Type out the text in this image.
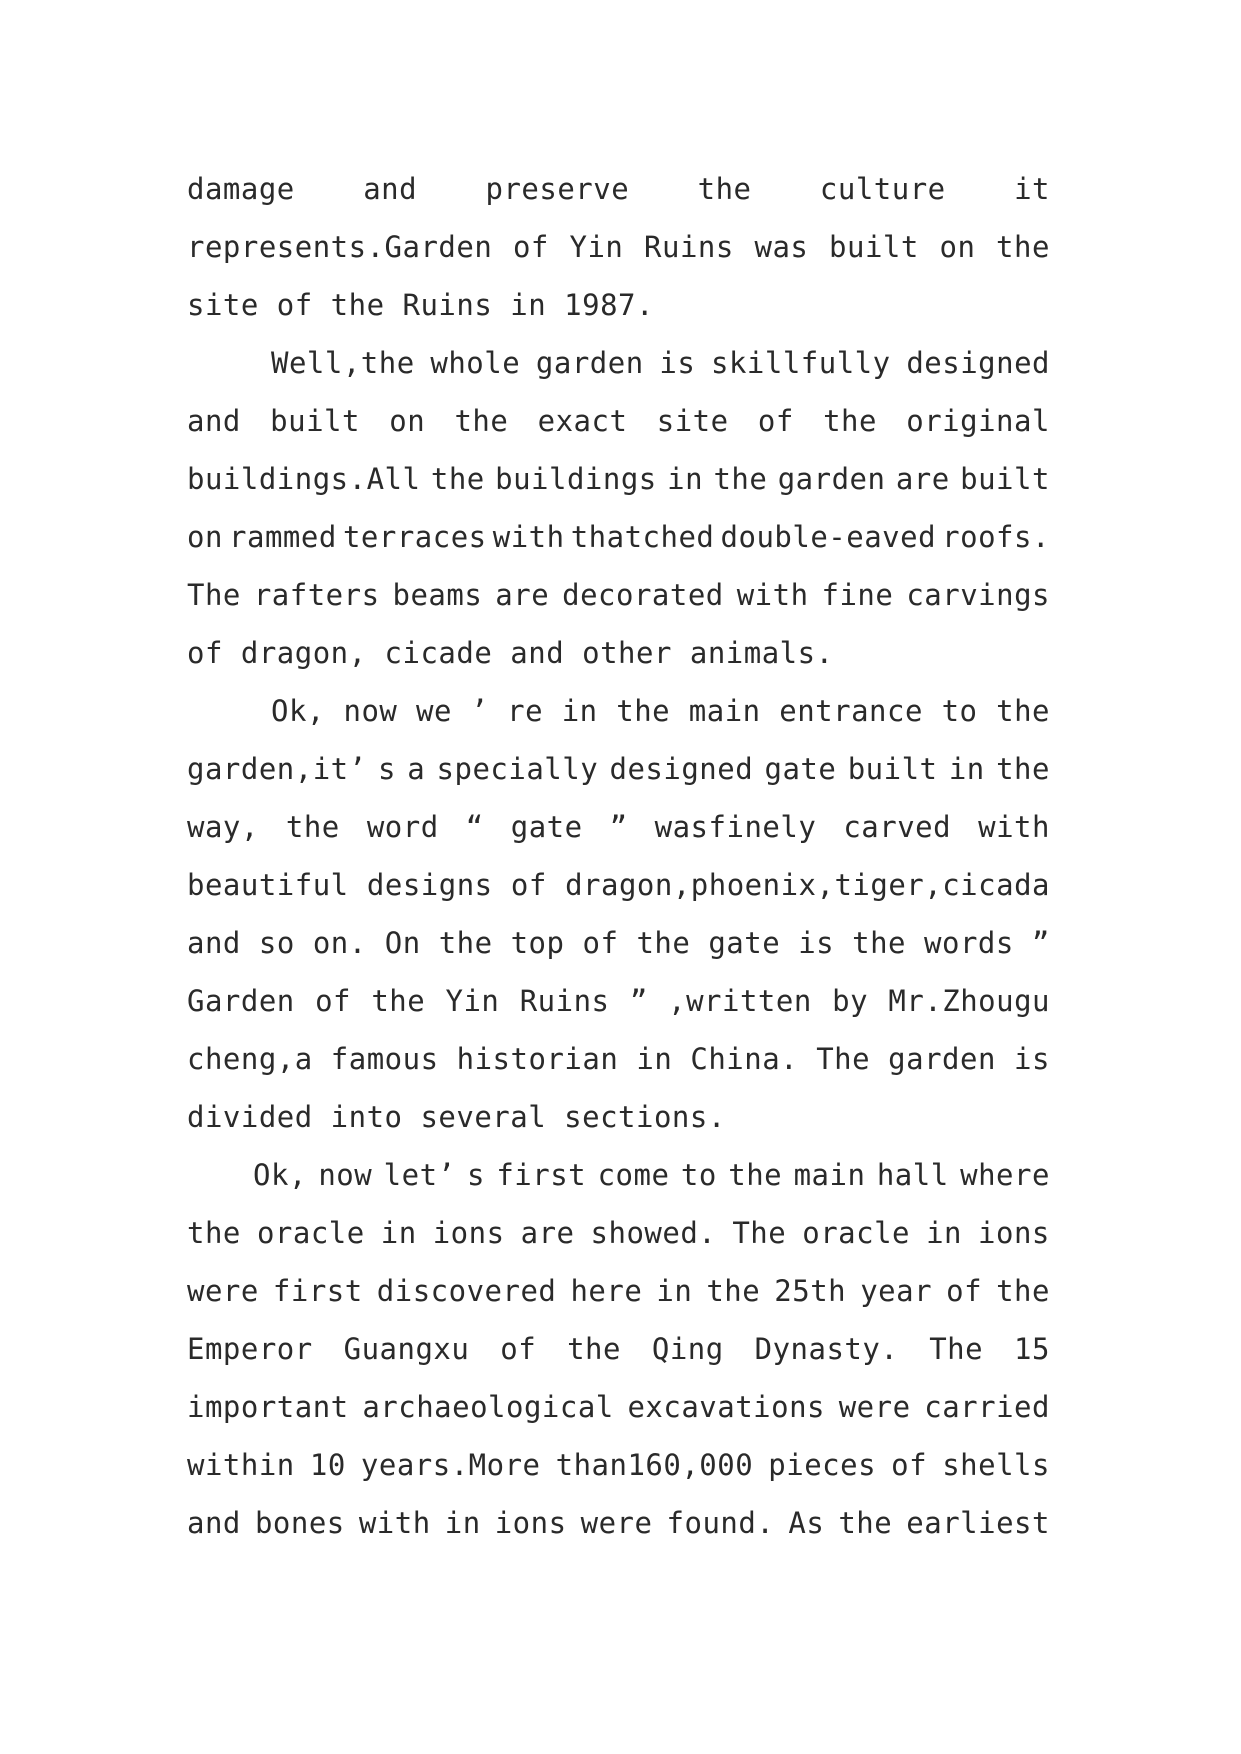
damage and preserve the culture it
represents.Garden of Yin Ruins was built on the
site of the Ruins in 1987.
Well,the whole garden is skillfully designed
and built on the exact site of the original
buildings.All the buildings in the garden are built
on rammed terraces with thatched double-eaved roofs.
The rafters beams are decorated with fine carvings
of dragon, cicade and other animals.
Ok, now we ’ re in the main entrance to the
garden,it’ s a specially designed gate built in the
way, the word “ gate ” wasfinely carved with
beautiful designs of dragon,phoenix,tiger,cicada
and so on. On the top of the gate is the words ”
Garden of the Yin Ruins ” ,written by Mr.Zhougu
cheng,a famous historian in China. The garden is
divided into several sections.
Ok, now let’ s first come to the main hall where
the oracle in ions are showed. The oracle in ions
were first discovered here in the 25th year of the
Emperor Guangxu of the Qing Dynasty. The 15
important archaeological excavations were carried
within 10 years.More than160,000 pieces of shells
and bones with in ions were found. As the earliest
